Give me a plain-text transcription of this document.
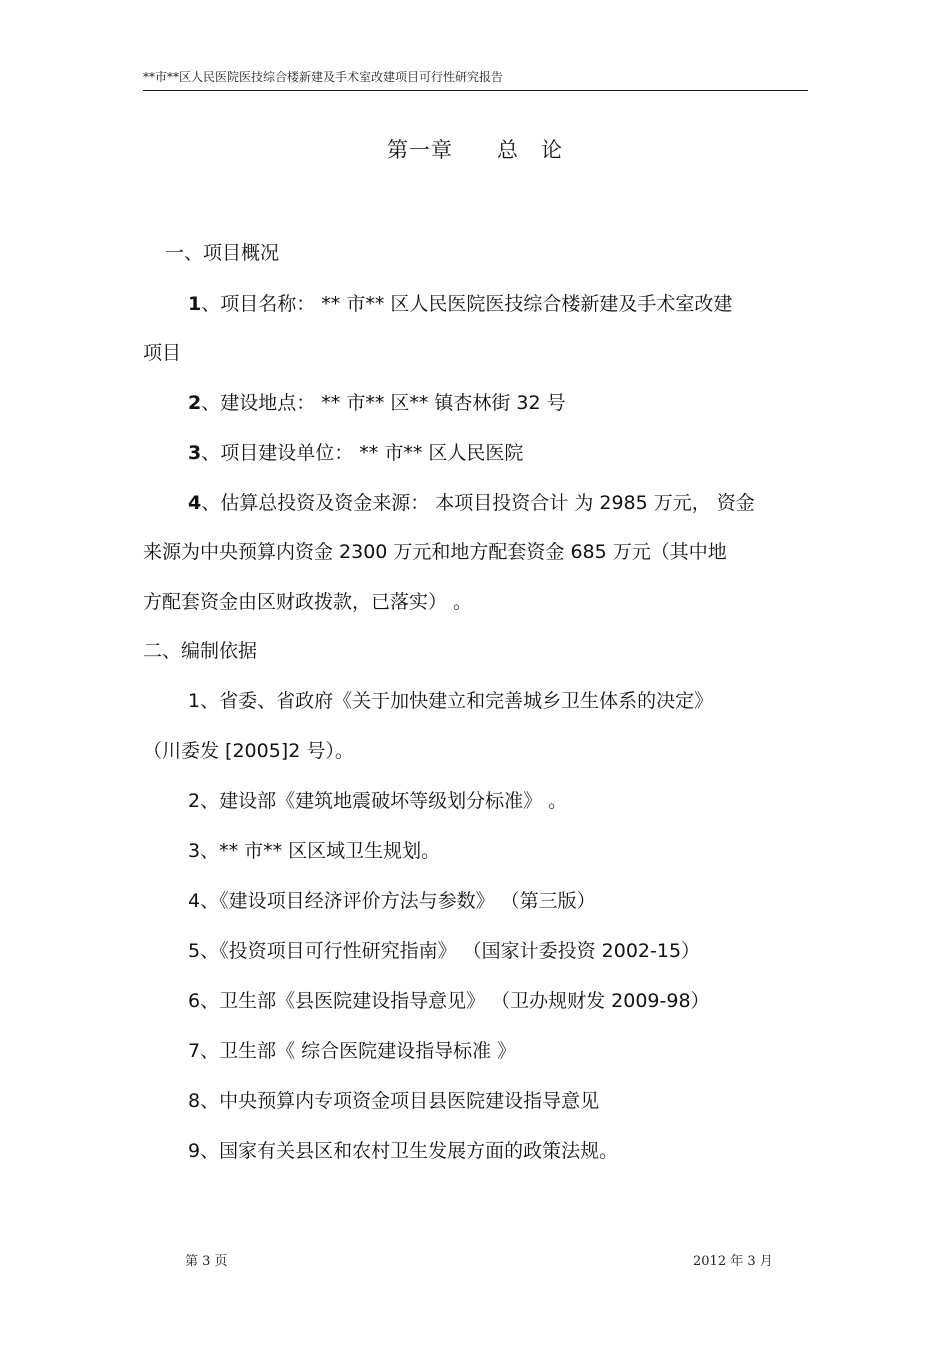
**市**区人民医院医技综合楼新建及手术室改建项目可行性研究报告
第一章 总 论
一、项目概况
1、项目名称： ** 市** 区人民医院医技综合楼新建及手术室改建
项目
2、建设地点： ** 市** 区** 镇杏林街 32 号
3、项目建设单位： ** 市** 区人民医院
4、估算总投资及资金来源： 本项目投资合计 为 2985 万元， 资金
来源为中央预算内资金 2300 万元和地方配套资金 685 万元（其中地
方配套资金由区财政拨款，已落实） 。
二、编制依据
1、省委、省政府《关于加快建立和完善城乡卫生体系的决定》
（川委发 [2005]2 号）。
2、建设部《建筑地震破坏等级划分标准》 。
3、** 市** 区区域卫生规划。
4、《建设项目经济评价方法与参数》 （第三版）
5、《投资项目可行性研究指南》 （国家计委投资 2002-15）
6、卫生部《县医院建设指导意见》 （卫办规财发 2009-98）
7、卫生部《 综合医院建设指导标准 》
8、中央预算内专项资金项目县医院建设指导意见
9、国家有关县区和农村卫生发展方面的政策法规。
第 3 页	2012 年 3 月
